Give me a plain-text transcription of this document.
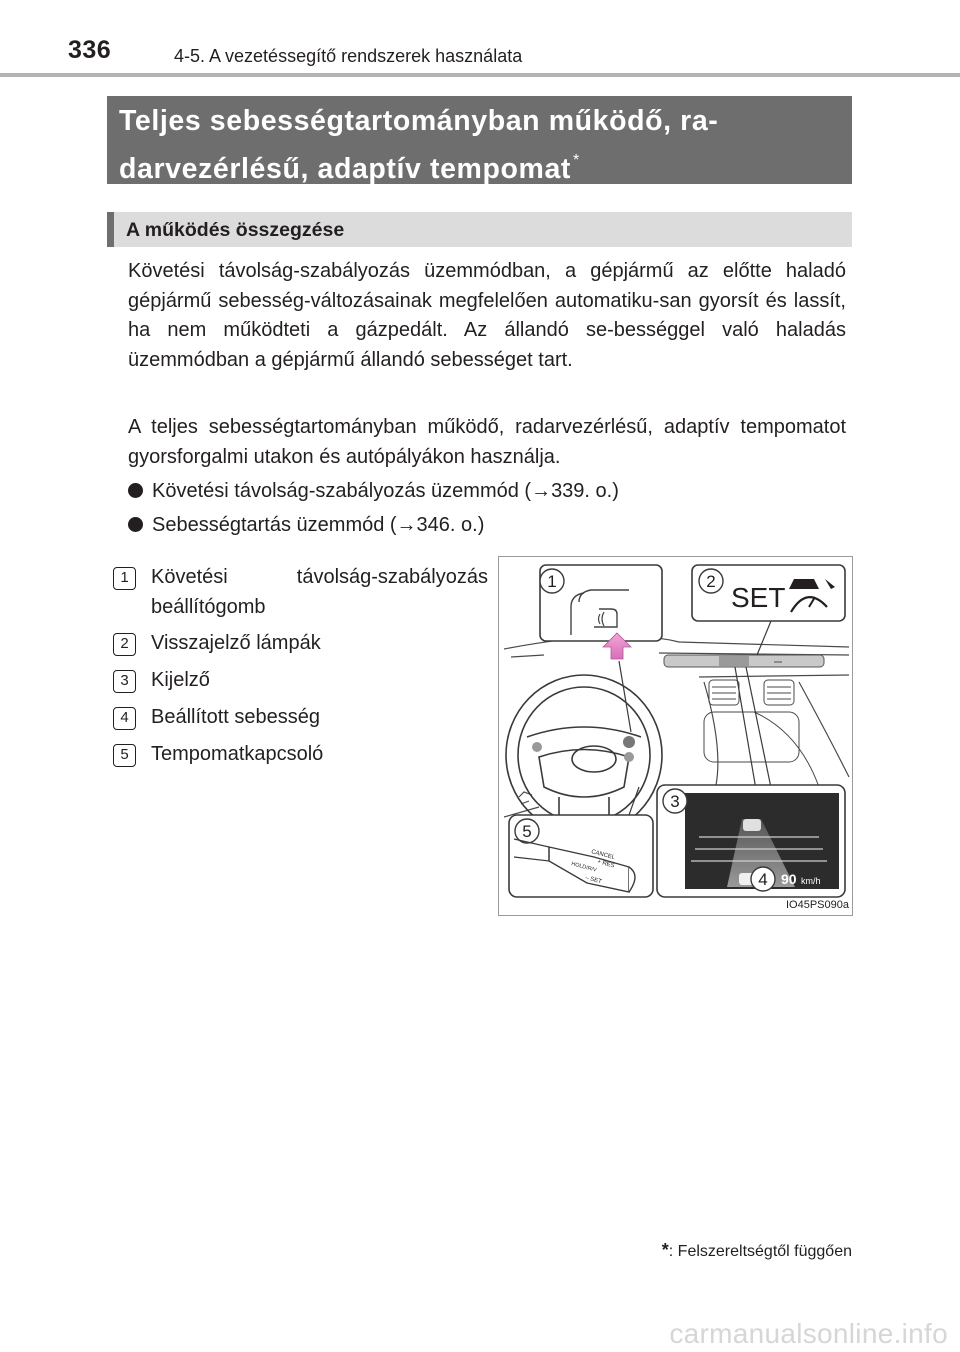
336	4-5. A vezetéssegítő rendszerek használata
Teljes sebességtartományban működő, ra-
darvezérlésű, adaptív tempomat *
A működés összegzése
Követési távolság-szabályozás üzemmódban, a gépjármű az előtte haladó gépjármű sebesség-változásainak megfelelően automatiku-san gyorsít és lassít, ha nem működteti a gázpedált. Az állandó se-bességgel való haladás üzemmódban a gépjármű állandó sebességet tart.
A teljes sebességtartományban működő, radarvezérlésű, adaptív tempomatot gyorsforgalmi utakon és autópályákon használja.
Követési távolság-szabályozás üzemmód (→339. o.)
Sebességtartás üzemmód (→346. o.)
1	Követési	távolság-szabályozás
beállítógomb
2	Visszajelző lámpák
3	Kijelző
4	Beállított sebesség
5	Tempomatkapcsoló
1	2
SET
3
4 90 km/h
5
CANCEL
+ RES
HOLD/R/V
– SET
IO45PS090a
*: Felszereltségtől függően
carmanualsonline.info
